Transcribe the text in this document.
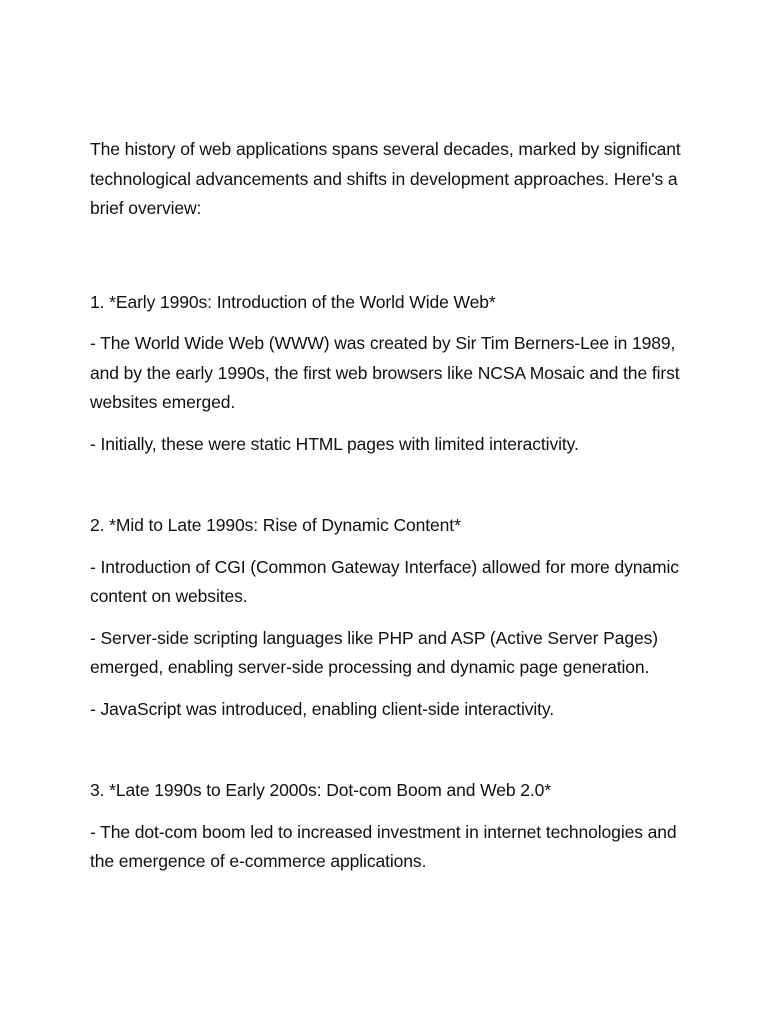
The history of web applications spans several decades, marked by significant technological advancements and shifts in development approaches. Here's a brief overview:

1. *Early 1990s: Introduction of the World Wide Web*

- The World Wide Web (WWW) was created by Sir Tim Berners-Lee in 1989, and by the early 1990s, the first web browsers like NCSA Mosaic and the first websites emerged.

- Initially, these were static HTML pages with limited interactivity.

2. *Mid to Late 1990s: Rise of Dynamic Content*

- Introduction of CGI (Common Gateway Interface) allowed for more dynamic content on websites.

- Server-side scripting languages like PHP and ASP (Active Server Pages) emerged, enabling server-side processing and dynamic page generation.

- JavaScript was introduced, enabling client-side interactivity.

3. *Late 1990s to Early 2000s: Dot-com Boom and Web 2.0*

- The dot-com boom led to increased investment in internet technologies and the emergence of e-commerce applications.
